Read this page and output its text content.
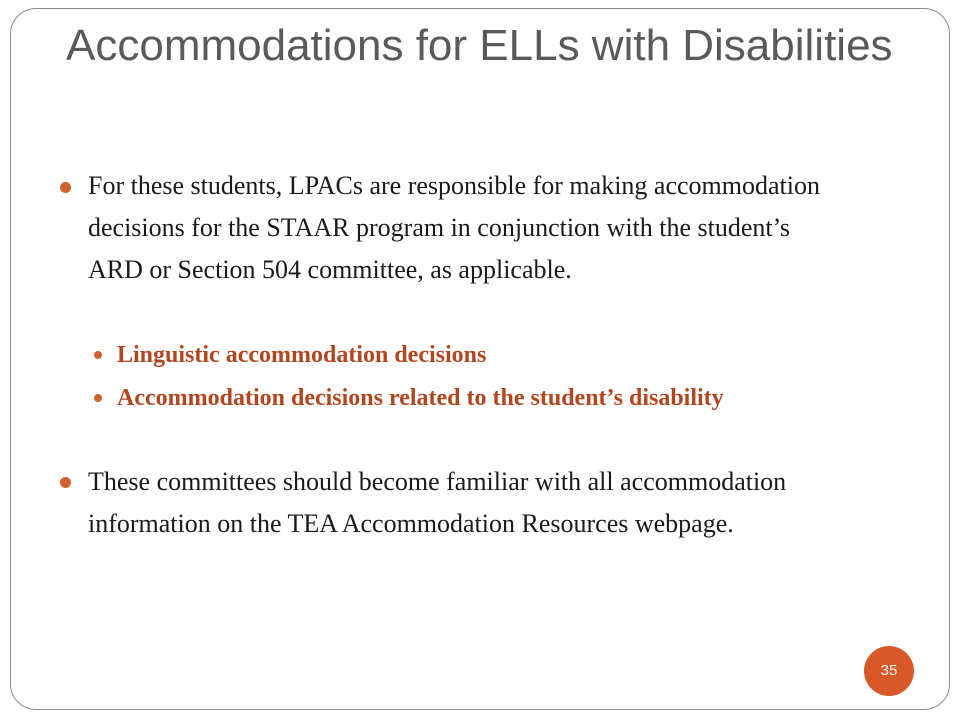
Accommodations for ELLs with Disabilities
For these students, LPACs are responsible for making accommodation decisions for the STAAR program in conjunction with the student’s ARD or Section 504 committee, as applicable.
Linguistic accommodation decisions
Accommodation decisions related to the student’s disability
These committees should become familiar with all accommodation information on the TEA Accommodation Resources webpage.
35
